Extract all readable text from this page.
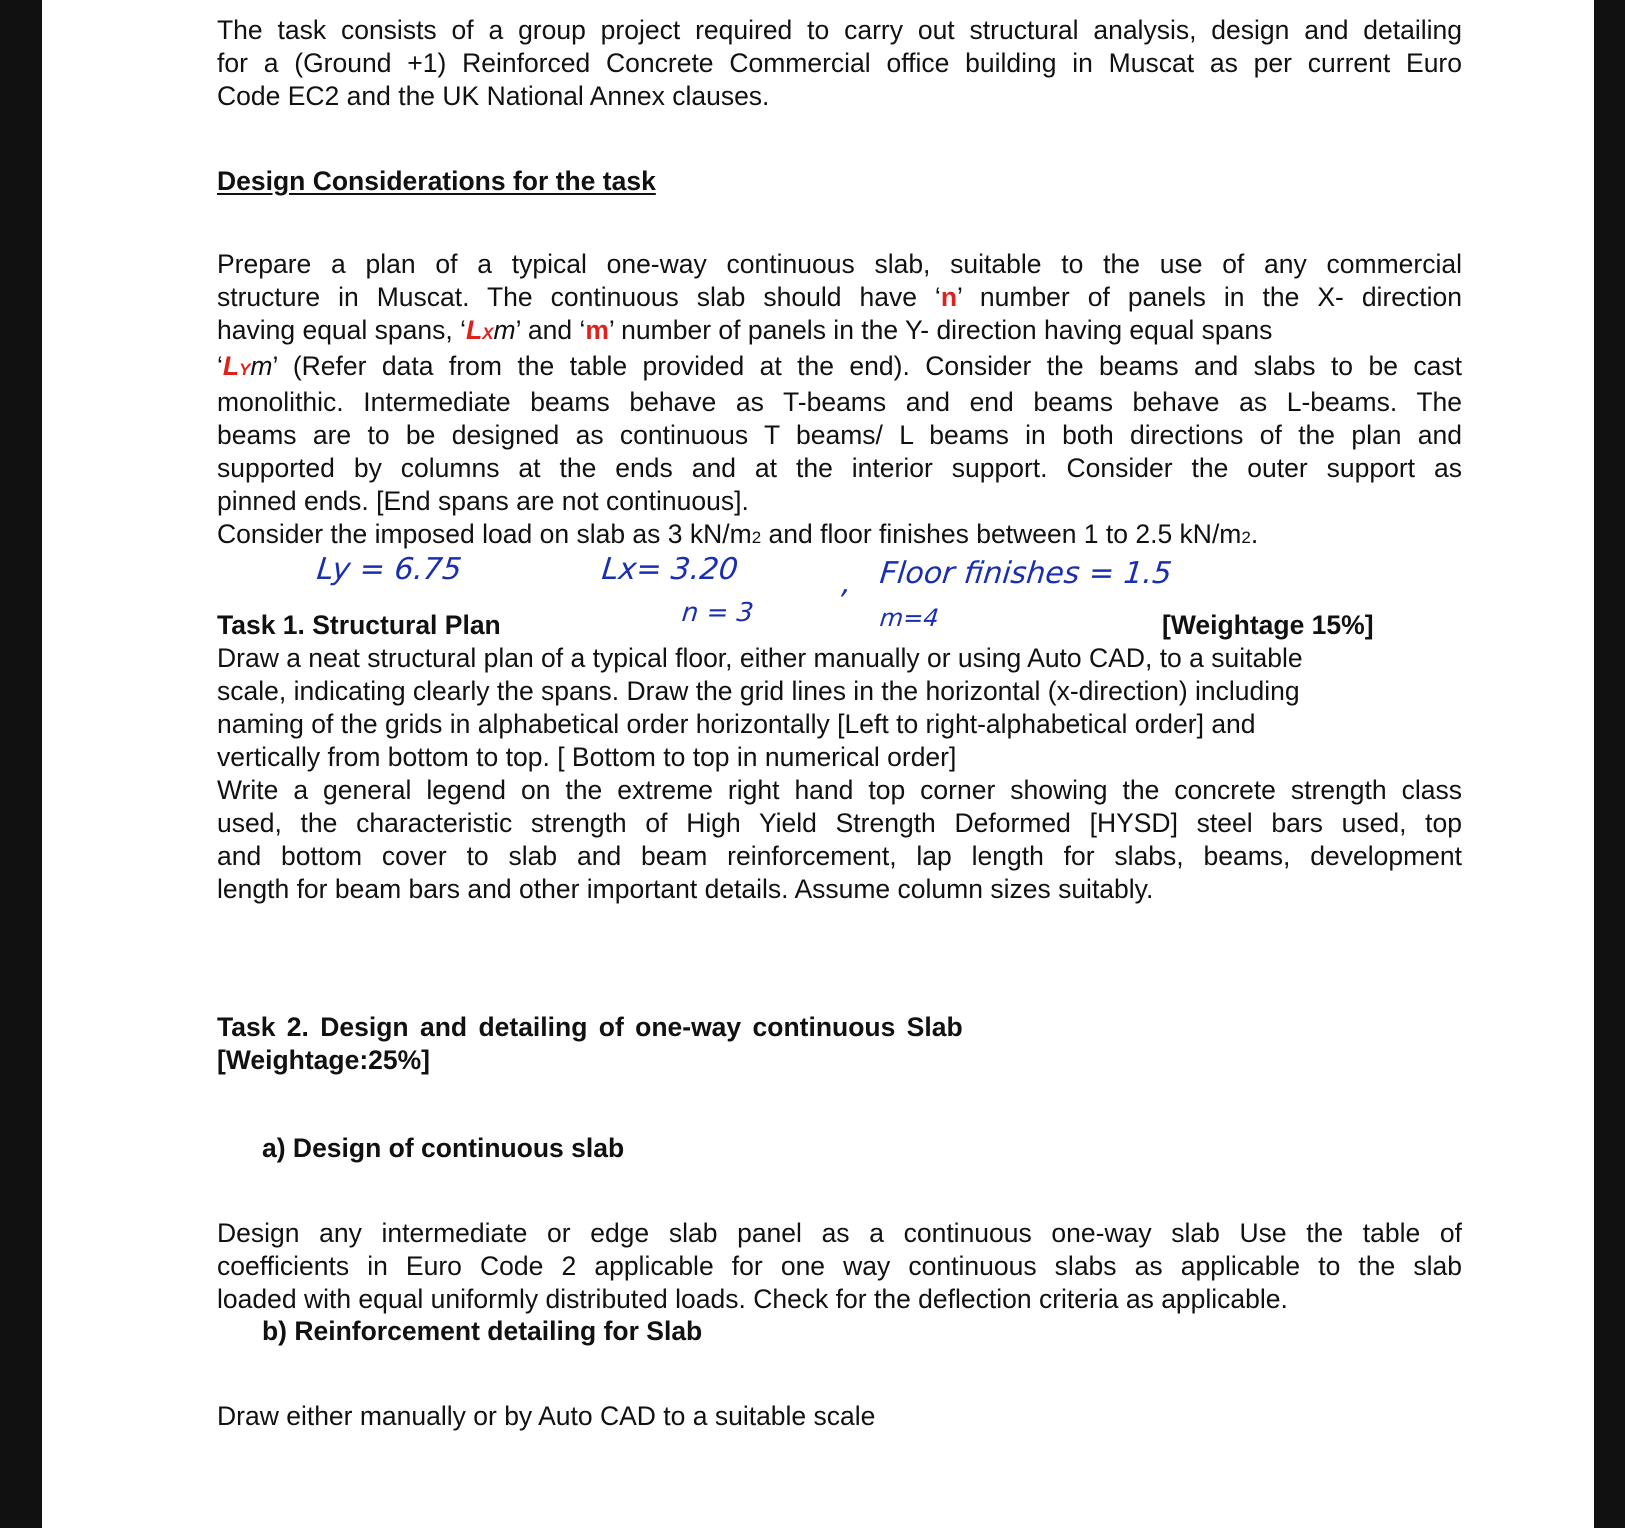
The task consists of a group project required to carry out structural analysis, design and detailing
for a (Ground +1) Reinforced Concrete Commercial office building in Muscat as per current Euro
Code EC2 and the UK National Annex clauses.
Design Considerations for the task
Prepare a plan of a typical one-way continuous slab, suitable to the use of any commercial
structure in Muscat. The continuous slab should have ‘n’ number of panels in the X- direction
having equal spans, ‘LXm’ and ‘m’ number of panels in the Y- direction having equal spans
‘LYm’ (Refer data from the table provided at the end). Consider the beams and slabs to be cast
monolithic. Intermediate beams behave as T-beams and end beams behave as L-beams. The
beams are to be designed as continuous T beams/ L beams in both directions of the plan and
supported by columns at the ends and at the interior support. Consider the outer support as
pinned ends. [End spans are not continuous].
Consider the imposed load on slab as 3 kN/m2 and floor finishes between 1 to 2.5 kN/m2.
Ly = 6.75	Lx= 3.20	, Floor finishes = 1.5
n = 3	m=4
Task 1. Structural Plan	[Weightage 15%]
Draw a neat structural plan of a typical floor, either manually or using Auto CAD, to a suitable
scale, indicating clearly the spans. Draw the grid lines in the horizontal (x-direction) including
naming of the grids in alphabetical order horizontally [Left to right-alphabetical order] and
vertically from bottom to top. [ Bottom to top in numerical order]
Write a general legend on the extreme right hand top corner showing the concrete strength class
used, the characteristic strength of High Yield Strength Deformed [HYSD] steel bars used, top
and bottom cover to slab and beam reinforcement, lap length for slabs, beams, development
length for beam bars and other important details. Assume column sizes suitably.
Task 2. Design and detailing of one-way continuous Slab
[Weightage:25%]
a) Design of continuous slab
Design any intermediate or edge slab panel as a continuous one-way slab Use the table of
coefficients in Euro Code 2 applicable for one way continuous slabs as applicable to the slab
loaded with equal uniformly distributed loads. Check for the deflection criteria as applicable.
b) Reinforcement detailing for Slab
Draw either manually or by Auto CAD to a suitable scale
